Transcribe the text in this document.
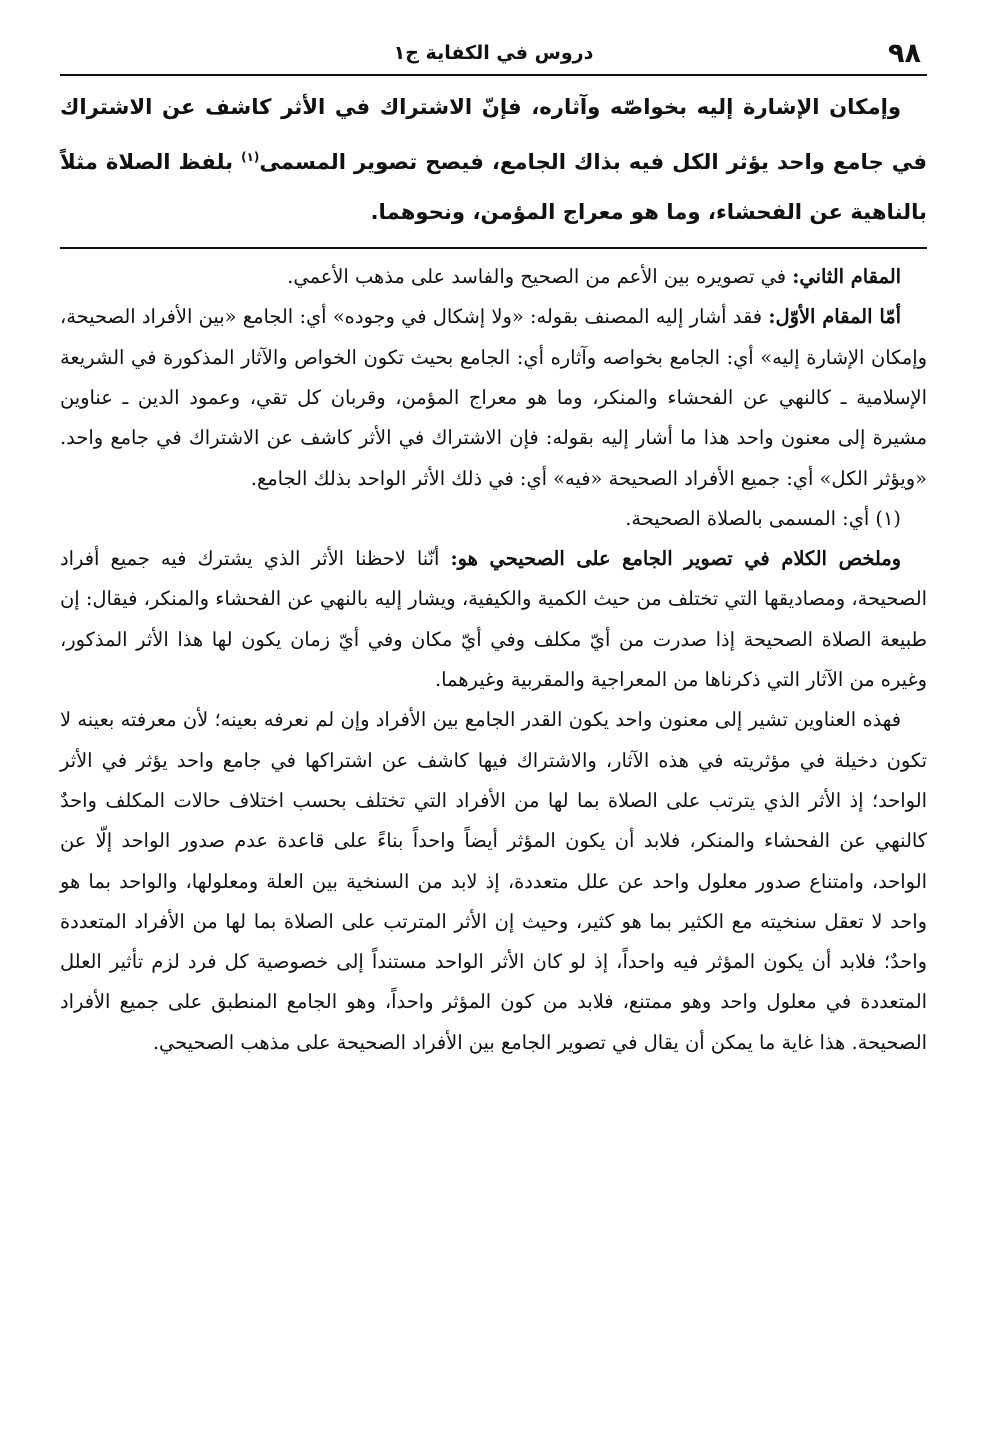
٩٨
دروس في الكفاية ج١

وإمكان الإشارة إليه بخواصّه وآثاره، فإنّ الاشتراك في الأثر كاشف عن الاشتراك في جامع واحد يؤثر الكل فيه بذاك الجامع، فيصح تصوير المسمى$^{(١)}$ بلفظ الصلاة مثلاً بالناهية عن الفحشاء، وما هو معراج المؤمن، ونحوهما.

المقام الثاني: في تصويره بين الأعم من الصحيح والفاسد على مذهب الأعمي.

أمّا المقام الأوّل: فقد أشار إليه المصنف بقوله: «ولا إشكال في وجوده» أي: الجامع «بين الأفراد الصحيحة، وإمكان الإشارة إليه» أي: الجامع بخواصه وآثاره أي: الجامع بحيث تكون الخواص والآثار المذكورة في الشريعة الإسلامية ـ كالنهي عن الفحشاء والمنكر، وما هو معراج المؤمن، وقربان كل تقي، وعمود الدين ـ عناوين مشيرة إلى معنون واحد هذا ما أشار إليه بقوله: فإن الاشتراك في الأثر كاشف عن الاشتراك في جامع واحد. «ويؤثر الكل» أي: جميع الأفراد الصحيحة «فيه» أي: في ذلك الأثر الواحد بذلك الجامع.

(١) أي: المسمى بالصلاة الصحيحة.

وملخص الكلام في تصوير الجامع على الصحيحي هو: أنّنا لاحظنا الأثر الذي يشترك فيه جميع أفراد الصحيحة، ومصاديقها التي تختلف من حيث الكمية والكيفية، ويشار إليه بالنهي عن الفحشاء والمنكر، فيقال: إن طبيعة الصلاة الصحيحة إذا صدرت من أيّ مكلف وفي أيّ مكان وفي أيّ زمان يكون لها هذا الأثر المذكور، وغيره من الآثار التي ذكرناها من المعراجية والمقربية وغيرهما.

فهذه العناوين تشير إلى معنون واحد يكون القدر الجامع بين الأفراد وإن لم نعرفه بعينه؛ لأن معرفته بعينه لا تكون دخيلة في مؤثريته في هذه الآثار، والاشتراك فيها كاشف عن اشتراكها في جامع واحد يؤثر في الأثر الواحد؛ إذ الأثر الذي يترتب على الصلاة بما لها من الأفراد التي تختلف بحسب اختلاف حالات المكلف واحدٌ كالنهي عن الفحشاء والمنكر، فلابد أن يكون المؤثر أيضاً واحداً بناءً على قاعدة عدم صدور الواحد إلّا عن الواحد، وامتناع صدور معلول واحد عن علل متعددة، إذ لابد من السنخية بين العلة ومعلولها، والواحد بما هو واحد لا تعقل سنخيته مع الكثير بما هو كثير، وحيث إن الأثر المترتب على الصلاة بما لها من الأفراد المتعددة واحدٌ؛ فلابد أن يكون المؤثر فيه واحداً، إذ لو كان الأثر الواحد مستنداً إلى خصوصية كل فرد لزم تأثير العلل المتعددة في معلول واحد وهو ممتنع، فلابد من كون المؤثر واحداً، وهو الجامع المنطبق على جميع الأفراد الصحيحة. هذا غاية ما يمكن أن يقال في تصوير الجامع بين الأفراد الصحيحة على مذهب الصحيحي.
